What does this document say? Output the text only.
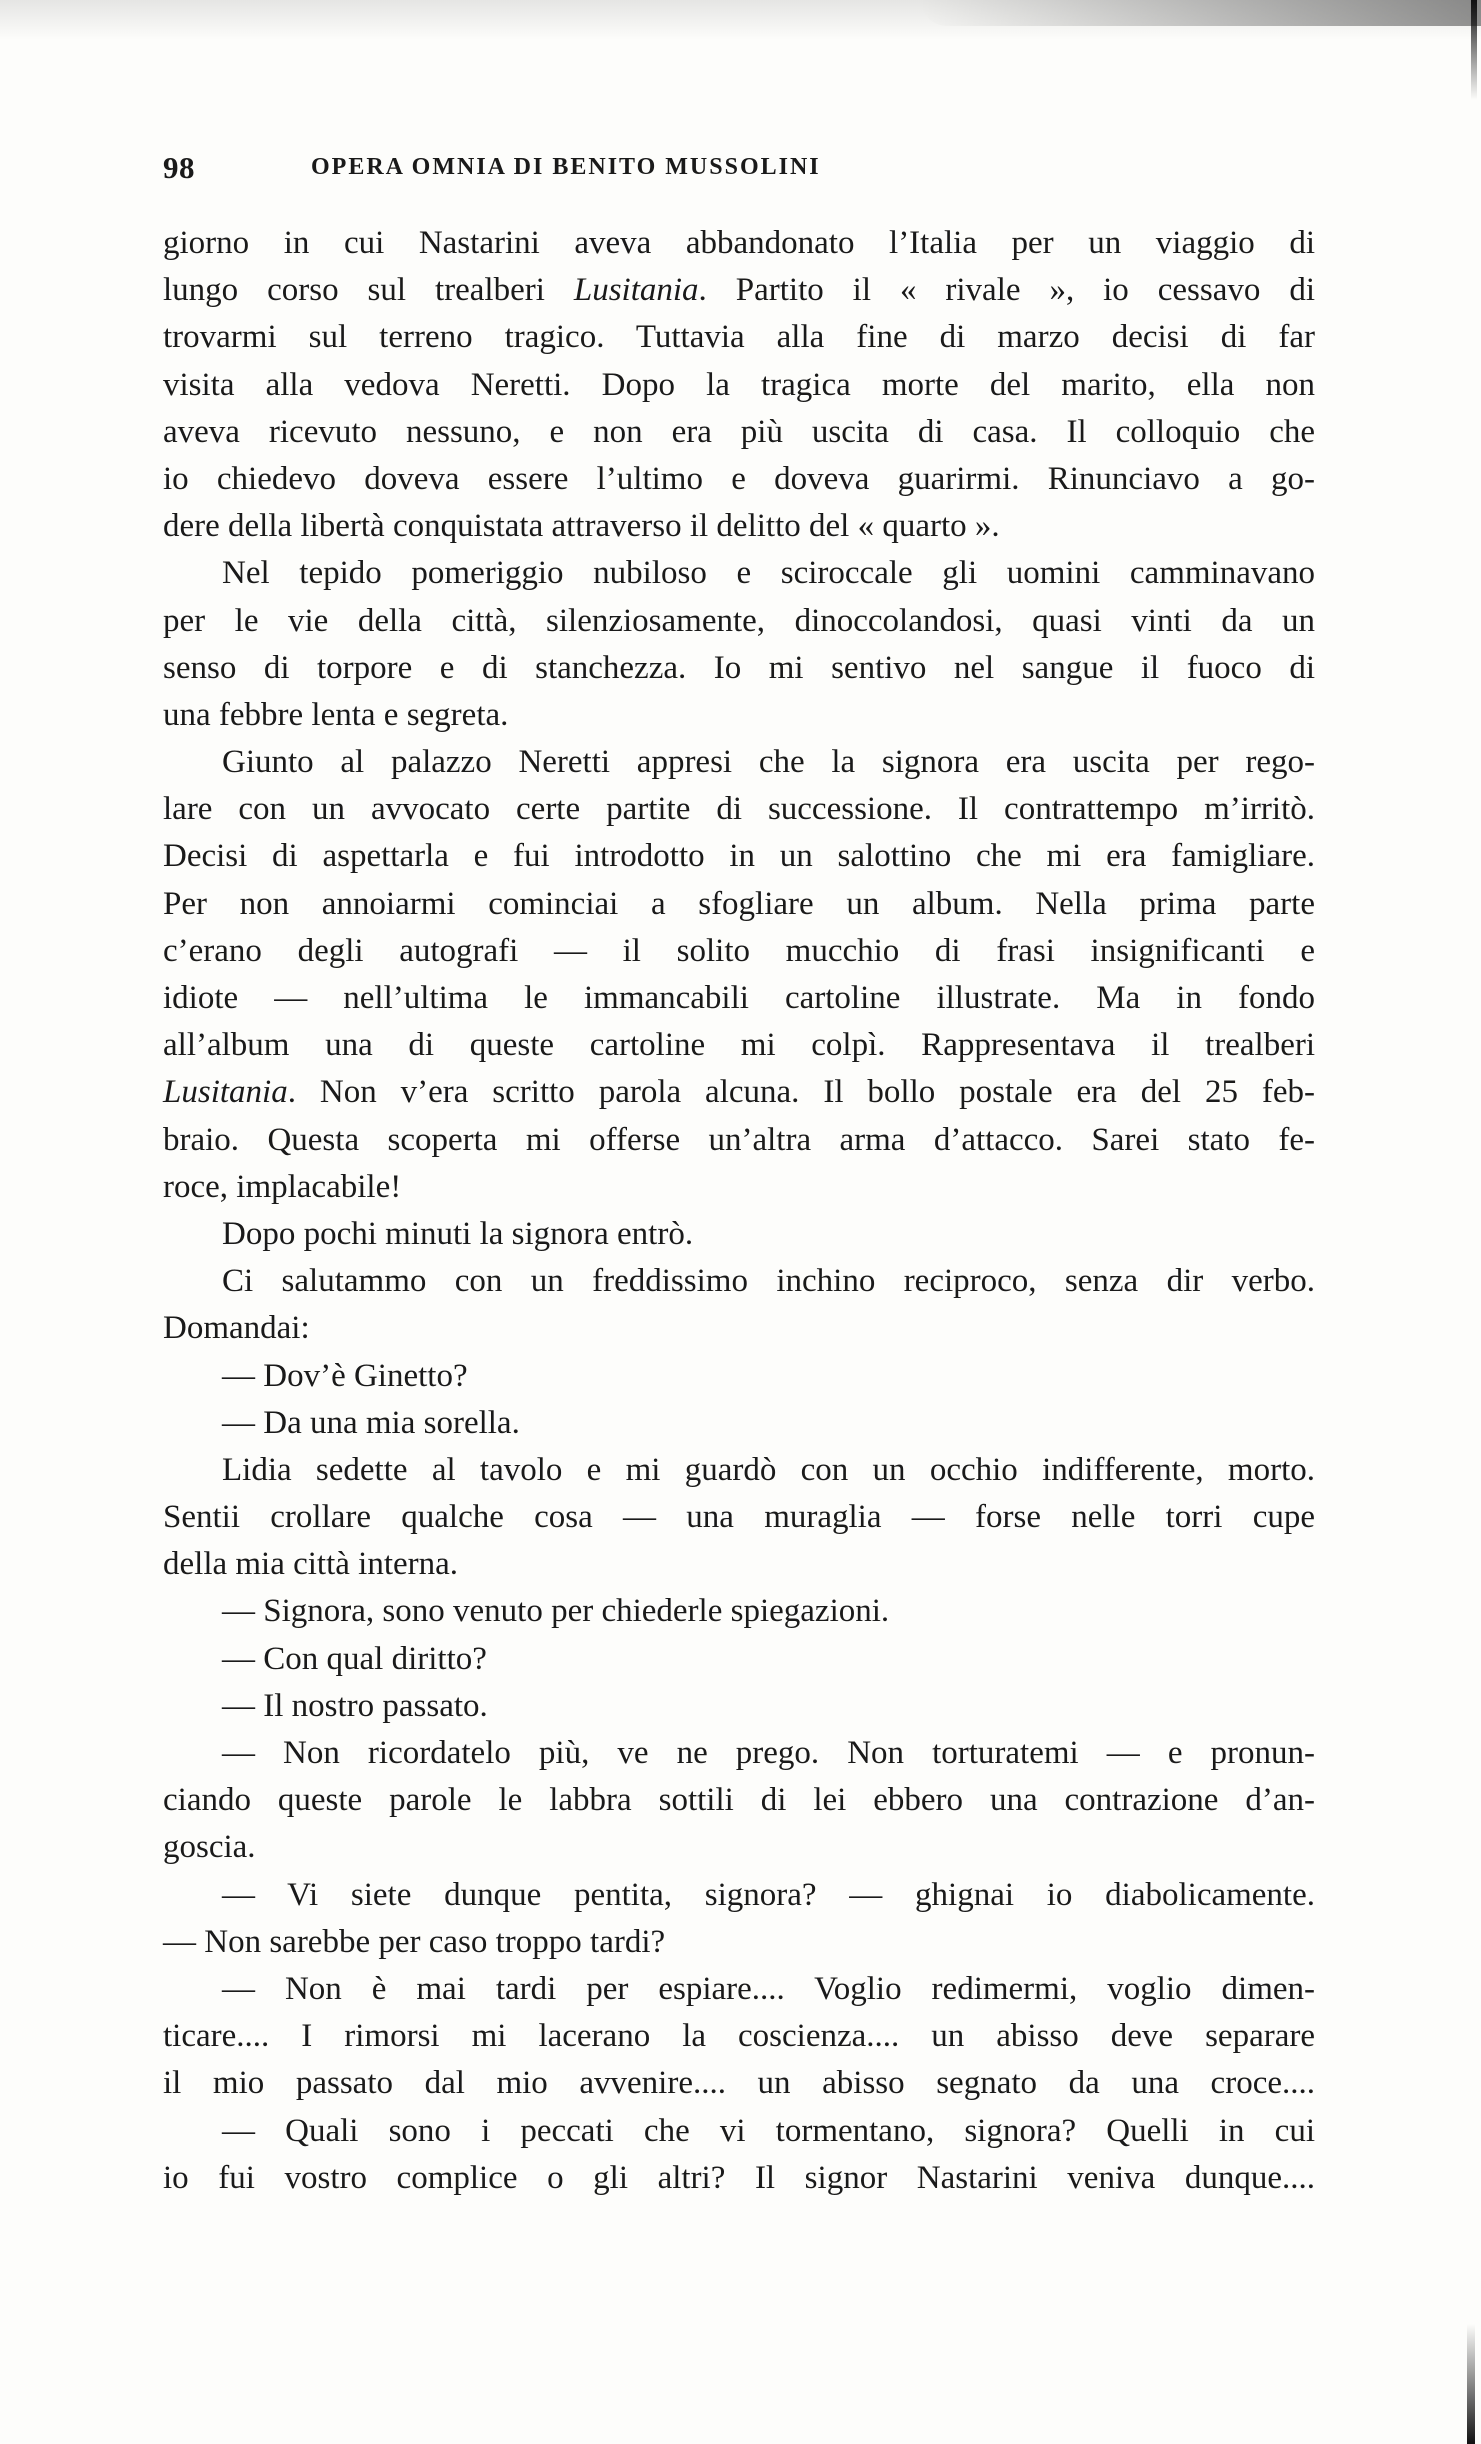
98	OPERA OMNIA DI BENITO MUSSOLINI
giorno in cui Nastarini aveva abbandonato l’Italia per un viaggio di
lungo corso sul trealberi Lusitania. Partito il « rivale », io cessavo di
trovarmi sul terreno tragico. Tuttavia alla fine di marzo decisi di far
visita alla vedova Neretti. Dopo la tragica morte del marito, ella non
aveva ricevuto nessuno, e non era più uscita di casa. Il colloquio che
io chiedevo doveva essere l’ultimo e doveva guarirmi. Rinunciavo a go-
dere della libertà conquistata attraverso il delitto del « quarto ».
Nel tepido pomeriggio nubiloso e sciroccale gli uomini camminavano
per le vie della città, silenziosamente, dinoccolandosi, quasi vinti da un
senso di torpore e di stanchezza. Io mi sentivo nel sangue il fuoco di
una febbre lenta e segreta.
Giunto al palazzo Neretti appresi che la signora era uscita per rego-
lare con un avvocato certe partite di successione. Il contrattempo m’irritò.
Decisi di aspettarla e fui introdotto in un salottino che mi era famigliare.
Per non annoiarmi cominciai a sfogliare un album. Nella prima parte
c’erano degli autografi — il solito mucchio di frasi insignificanti e
idiote — nell’ultima le immancabili cartoline illustrate. Ma in fondo
all’album una di queste cartoline mi colpì. Rappresentava il trealberi
Lusitania. Non v’era scritto parola alcuna. Il bollo postale era del 25 feb-
braio. Questa scoperta mi offerse un’altra arma d’attacco. Sarei stato fe-
roce, implacabile!
Dopo pochi minuti la signora entrò.
Ci salutammo con un freddissimo inchino reciproco, senza dir verbo.
Domandai:
— Dov’è Ginetto?
— Da una mia sorella.
Lidia sedette al tavolo e mi guardò con un occhio indifferente, morto.
Sentii crollare qualche cosa — una muraglia — forse nelle torri cupe
della mia città interna.
— Signora, sono venuto per chiederle spiegazioni.
— Con qual diritto?
— Il nostro passato.
— Non ricordatelo più, ve ne prego. Non torturatemi — e pronun-
ciando queste parole le labbra sottili di lei ebbero una contrazione d’an-
goscia.
— Vi siete dunque pentita, signora? — ghignai io diabolicamente.
— Non sarebbe per caso troppo tardi?
— Non è mai tardi per espiare.... Voglio redimermi, voglio dimen-
ticare.... I rimorsi mi lacerano la coscienza.... un abisso deve separare
il mio passato dal mio avvenire.... un abisso segnato da una croce....
— Quali sono i peccati che vi tormentano, signora? Quelli in cui
io fui vostro complice o gli altri? Il signor Nastarini veniva dunque....
